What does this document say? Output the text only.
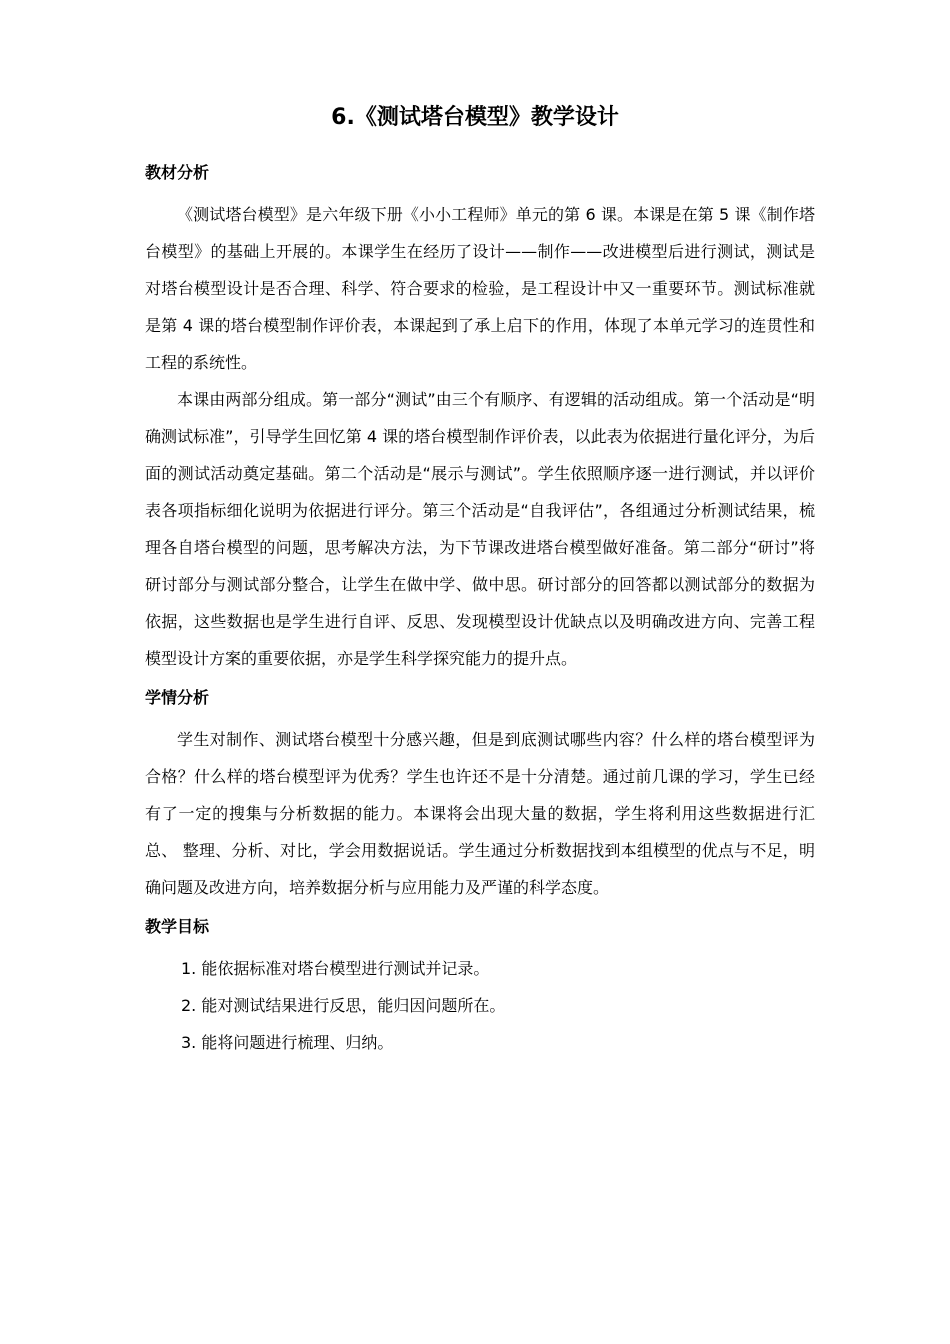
6.《测试塔台模型》教学设计

教材分析

《测试塔台模型》是六年级下册《小小工程师》单元的第 6 课。本课是在第 5 课《制作塔台模型》的基础上开展的。本课学生在经历了设计——制作——改进模型后进行测试，测试是对塔台模型设计是否合理、科学、符合要求的检验，是工程设计中又一重要环节。测试标准就是第 4 课的塔台模型制作评价表，本课起到了承上启下的作用，体现了本单元学习的连贯性和工程的系统性。

本课由两部分组成。第一部分“测试”由三个有顺序、有逻辑的活动组成。第一个活动是“明确测试标准”，引导学生回忆第 4 课的塔台模型制作评价表，以此表为依据进行量化评分，为后面的测试活动奠定基础。第二个活动是“展示与测试”。学生依照顺序逐一进行测试，并以评价表各项指标细化说明为依据进行评分。第三个活动是“自我评估”，各组通过分析测试结果，梳理各自塔台模型的问题，思考解决方法，为下节课改进塔台模型做好准备。第二部分“研讨”将研讨部分与测试部分整合，让学生在做中学、做中思。研讨部分的回答都以测试部分的数据为依据，这些数据也是学生进行自评、反思、发现模型设计优缺点以及明确改进方向、完善工程模型设计方案的重要依据，亦是学生科学探究能力的提升点。

学情分析

学生对制作、测试塔台模型十分感兴趣，但是到底测试哪些内容？什么样的塔台模型评为合格？什么样的塔台模型评为优秀？学生也许还不是十分清楚。通过前几课的学习，学生已经有了一定的搜集与分析数据的能力。本课将会出现大量的数据，学生将利用这些数据进行汇总、 整理、分析、对比，学会用数据说话。学生通过分析数据找到本组模型的优点与不足，明确问题及改进方向，培养数据分析与应用能力及严谨的科学态度。

教学目标

1. 能依据标准对塔台模型进行测试并记录。

2. 能对测试结果进行反思，能归因问题所在。

3. 能将问题进行梳理、归纳。
